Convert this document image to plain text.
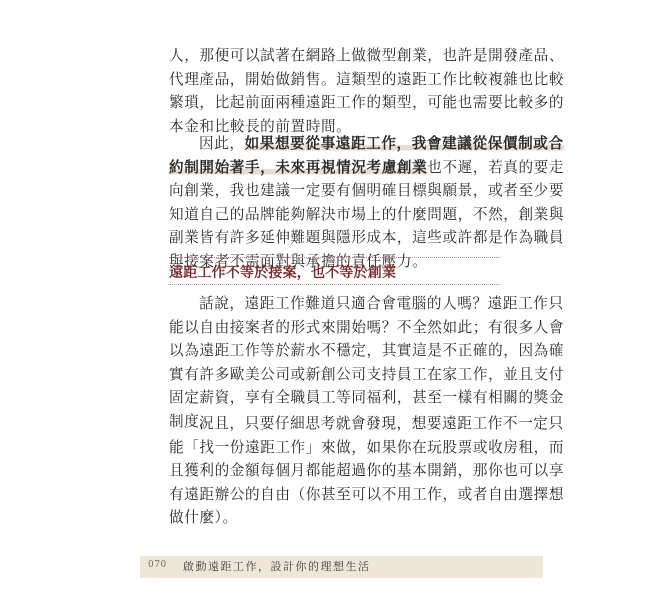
人，那便可以試著在網路上做微型創業，也許是開發產品、
代理產品，開始做銷售。這類型的遠距工作比較複雜也比較
繁瑣，比起前面兩種遠距工作的類型，可能也需要比較多的
本金和比較長的前置時間。
因此，如果想要從事遠距工作，我會建議從保價制或合
約制開始著手，未來再視情況考慮創業也不遲，若真的要走
向創業，我也建議一定要有個明確目標與願景，或者至少要
知道自己的品牌能夠解決市場上的什麼問題，不然，創業與
副業皆有許多延伸難題與隱形成本，這些或許都是作為職員
與接案者不需面對與承擔的責任壓力。
遠距工作不等於接案，也不等於創業
話說，遠距工作難道只適合會電腦的人嗎？遠距工作只
能以自由接案者的形式來開始嗎？不全然如此；有很多人會
以為遠距工作等於薪水不穩定，其實這是不正確的，因為確
實有許多歐美公司或新創公司支持員工在家工作，並且支付
固定薪資，享有全職員工等同福利，甚至一樣有相關的獎金
制度。
況且，只要仔細思考就會發現，想要遠距工作不一定只
能「找一份遠距工作」來做，如果你在玩股票或收房租，而
且獲利的金額每個月都能超過你的基本開銷，那你也可以享
有遠距辦公的自由（你甚至可以不用工作，或者自由選擇想
做什麼）。
070 啟動遠距工作，設計你的理想生活
